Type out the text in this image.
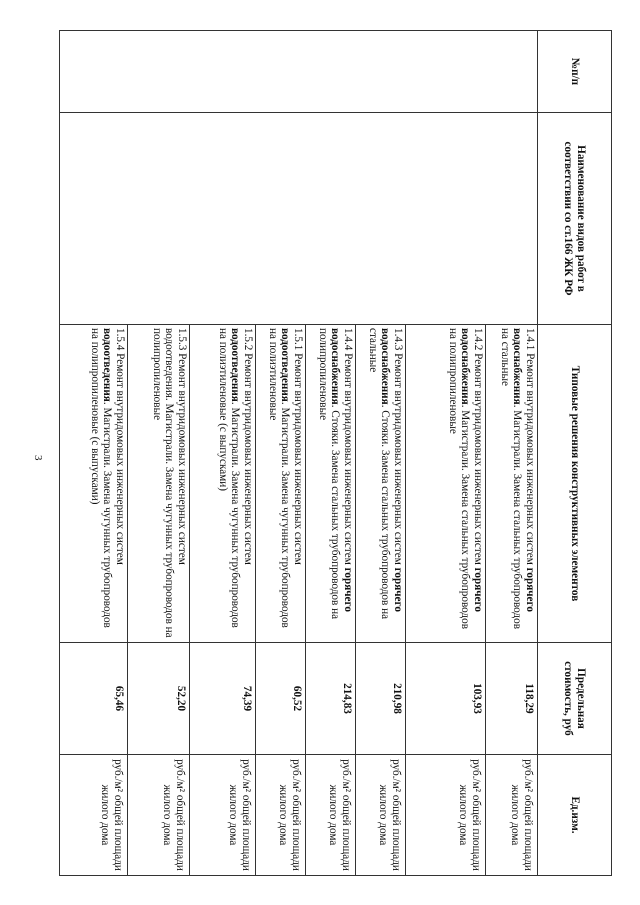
3
№п/п	Наименование видов работ в соответствии со ст.166 ЖК РФ	Типовые решения конструктивных элементов	Предельная стоимость, руб	Ед.изм.
		1.4.1 Ремонт внутридомовых инженерных систем горячего водоснабжения. Магистрали. Замена стальных трубопроводов на стальные	118,29	руб./м² общей площади жилого дома
		1.4.2 Ремонт внутридомовых инженерных систем горячего водоснабжения. Магистрали. Замена стальных трубопроводов на полипропиленовые	103,93	руб./м² общей площади жилого дома
		1.4.3 Ремонт внутридомовых инженерных систем горячего водоснабжения. Стояки. Замена стальных трубопроводов на стальные	210,98	руб./м² общей площади жилого дома
		1.4.4 Ремонт внутридомовых инженерных систем горячего водоснабжения. Стояки. Замена стальных трубопроводов на полипропиленовые	214,83	руб./м² общей площади жилого дома
		1.5.1 Ремонт внутридомовых инженерных систем водоотведения. Магистрали. Замена чугунных трубопроводов на полиэтиленовые	60,52	руб./м² общей площади жилого дома
		1.5.2 Ремонт внутридомовых инженерных систем водоотведения. Магистрали. Замена чугунных трубопроводов на полиэтиленовые (с выпусками)	74,39	руб./м² общей площади жилого дома
		1.5.3 Ремонт внутридомовых инженерных систем водоотведения. Магистрали. Замена чугунных трубопроводов на полипропиленовые	52,20	руб./м² общей площади жилого дома
		1.5.4 Ремонт внутридомовых инженерных систем водоотведения. Магистрали. Замена чугунных трубопроводов на полипропиленовые (с выпусками)	65,46	руб./м² общей площади жилого дома
